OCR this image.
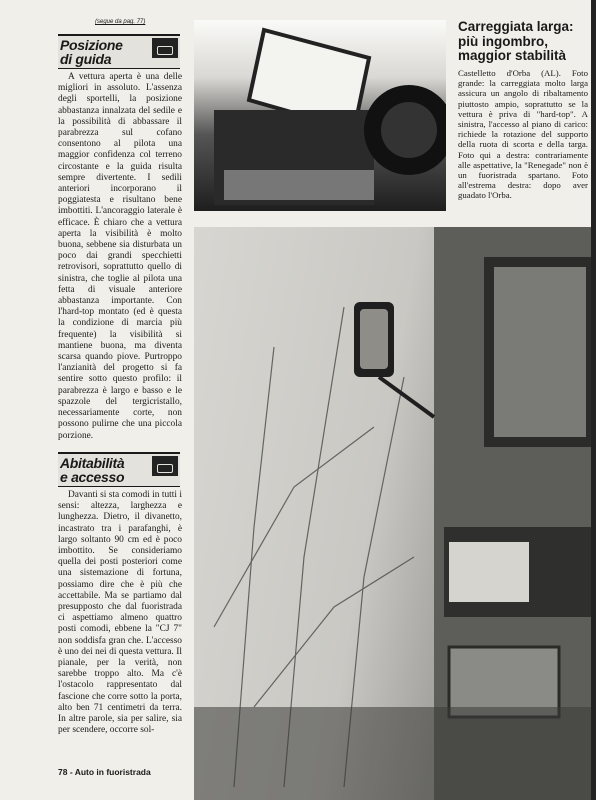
(segue da pag. 77)
Posizione
di guida

A vettura aperta è una delle migliori in assoluto. L'assenza degli sportelli, la posizione abbastanza innalzata del sedile e la possibilità di abbassare il parabrezza sul cofano consentono al pilota una maggior confidenza col terreno circostante e la guida risulta sempre divertente. I sedili anteriori incorporano il poggiatesta e risultano bene imbottiti. L'ancoraggio laterale è efficace. È chiaro che a vettura aperta la visibilità è molto buona, sebbene sia disturbata un poco dai grandi specchietti retrovisori, soprattutto quello di sinistra, che toglie al pilota una fetta di visuale anteriore abbastanza importante. Con l'hard-top montato (ed è questa la condizione di marcia più frequente) la visibilità si mantiene buona, ma diventa scarsa quando piove. Purtroppo l'anzianità del progetto si fa sentire sotto questo profilo: il parabrezza è largo e basso e le spazzole del tergicristallo, necessariamente corte, non possono pulirne che una piccola porzione.

Abitabilità
e accesso

Davanti si sta comodi in tutti i sensi: altezza, larghezza e lunghezza. Dietro, il divanetto, incastrato tra i parafanghi, è largo soltanto 90 cm ed è poco imbottito. Se consideriamo quella dei posti posteriori come una sistemazione di fortuna, possiamo dire che è più che accettabile. Ma se partiamo dal presupposto che dal fuoristrada ci aspettiamo almeno quattro posti comodi, ebbene la "CJ 7" non soddisfa gran che. L'accesso è uno dei nei di questa vettura. Il pianale, per la verità, non sarebbe troppo alto. Ma c'è l'ostacolo rappresentato dal fascione che corre sotto la porta, alto ben 71 centimetri da terra. In altre parole, sia per salire, sia per scendere, occorre sol-

78 - Auto in fuoristrada
Carreggiata larga: più ingombro, maggior stabilità
Castelletto d'Orba (AL). Foto grande: la carreggiata molto larga assicura un angolo di ribaltamento piuttosto ampio, soprattutto se la vettura è priva di "hard-top". A sinistra, l'accesso al piano di carico: richiede la rotazione del supporto della ruota di scorta e della targa. Foto qui a destra: contrariamente alle aspettative, la "Renegade" non è un fuoristrada spartano. Foto all'estrema destra: dopo aver guadato l'Orba.
